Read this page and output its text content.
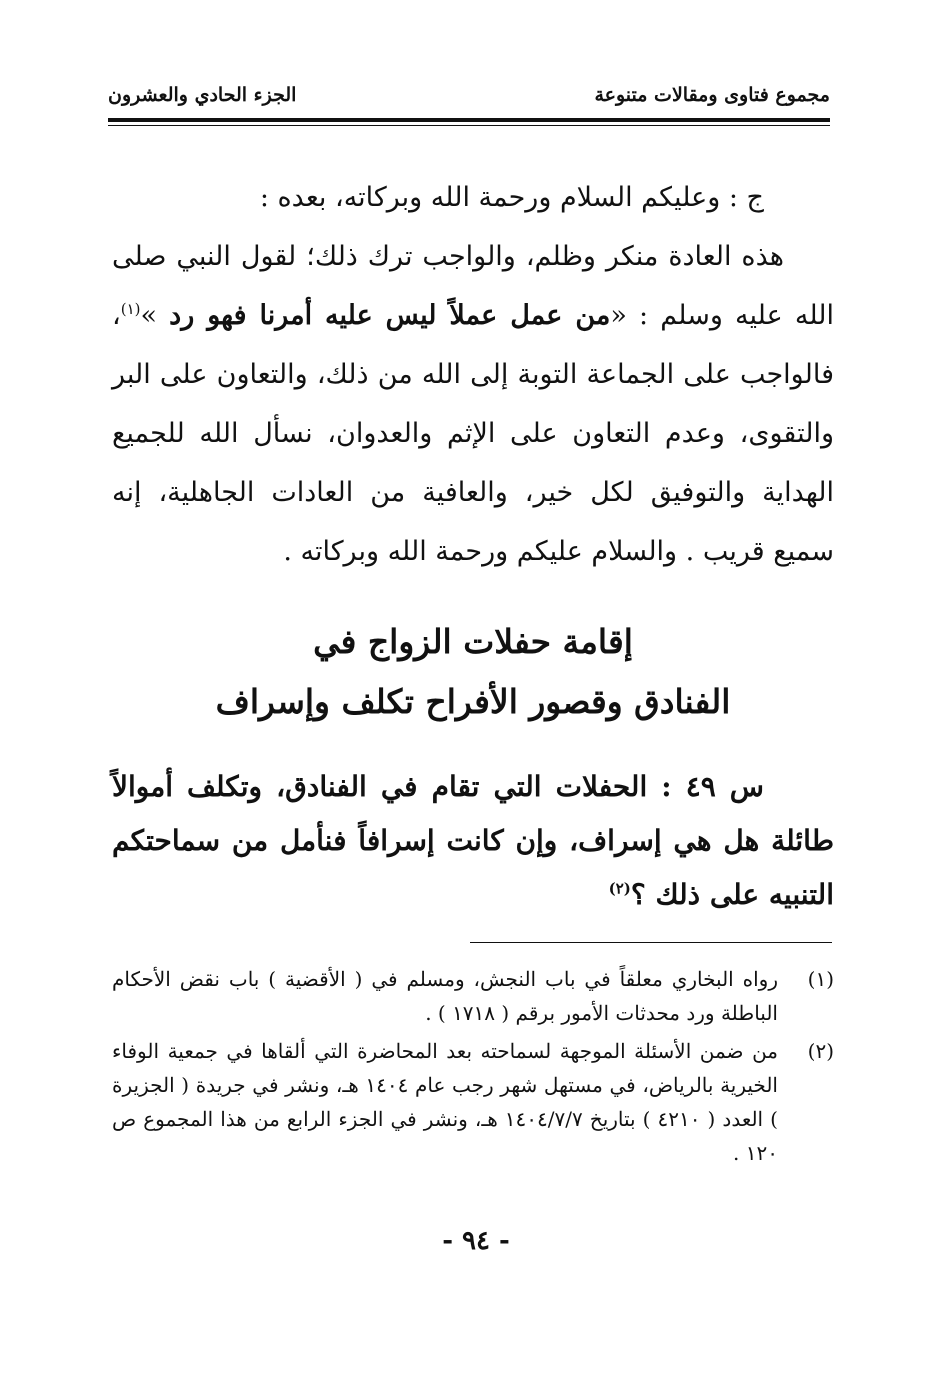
مجموع فتاوى ومقالات متنوعة
الجزء الحادي والعشرون

ج : وعليكم السلام ورحمة الله وبركاته، بعده :

هذه العادة منكر وظلم، والواجب ترك ذلك؛ لقول النبي صلى الله عليه وسلم : «من عمل عملاً ليس عليه أمرنا فهو رد »$^{(١)}$، فالواجب على الجماعة التوبة إلى الله من ذلك، والتعاون على البر والتقوى، وعدم التعاون على الإثم والعدوان، نسأل الله للجميع الهداية والتوفيق لكل خير، والعافية من العادات الجاهلية، إنه سميع قريب . والسلام عليكم ورحمة الله وبركاته .

إقامة حفلات الزواج في
الفنادق وقصور الأفراح تكلف وإسراف

س ٤٩ : الحفلات التي تقام في الفنادق، وتكلف أموالاً طائلة هل هي إسراف، وإن كانت إسرافاً فنأمل من سماحتكم التنبيه على ذلك ؟$^{(٢)}$

(١)
رواه البخاري معلقاً في باب النجش، ومسلم في ( الأقضية ) باب نقض الأحكام الباطلة ورد محدثات الأمور برقم ( ١٧١٨ ) .
(٢)
من ضمن الأسئلة الموجهة لسماحته بعد المحاضرة التي ألقاها في جمعية الوفاء الخيرية بالرياض، في مستهل شهر رجب عام ١٤٠٤ هـ، ونشر في جريدة ( الجزيرة ) العدد ( ٤٢١٠ ) بتاريخ ١٤٠٤/٧/٧ هـ، ونشر في الجزء الرابع من هذا المجموع ص ١٢٠ .
- ٩٤ -
